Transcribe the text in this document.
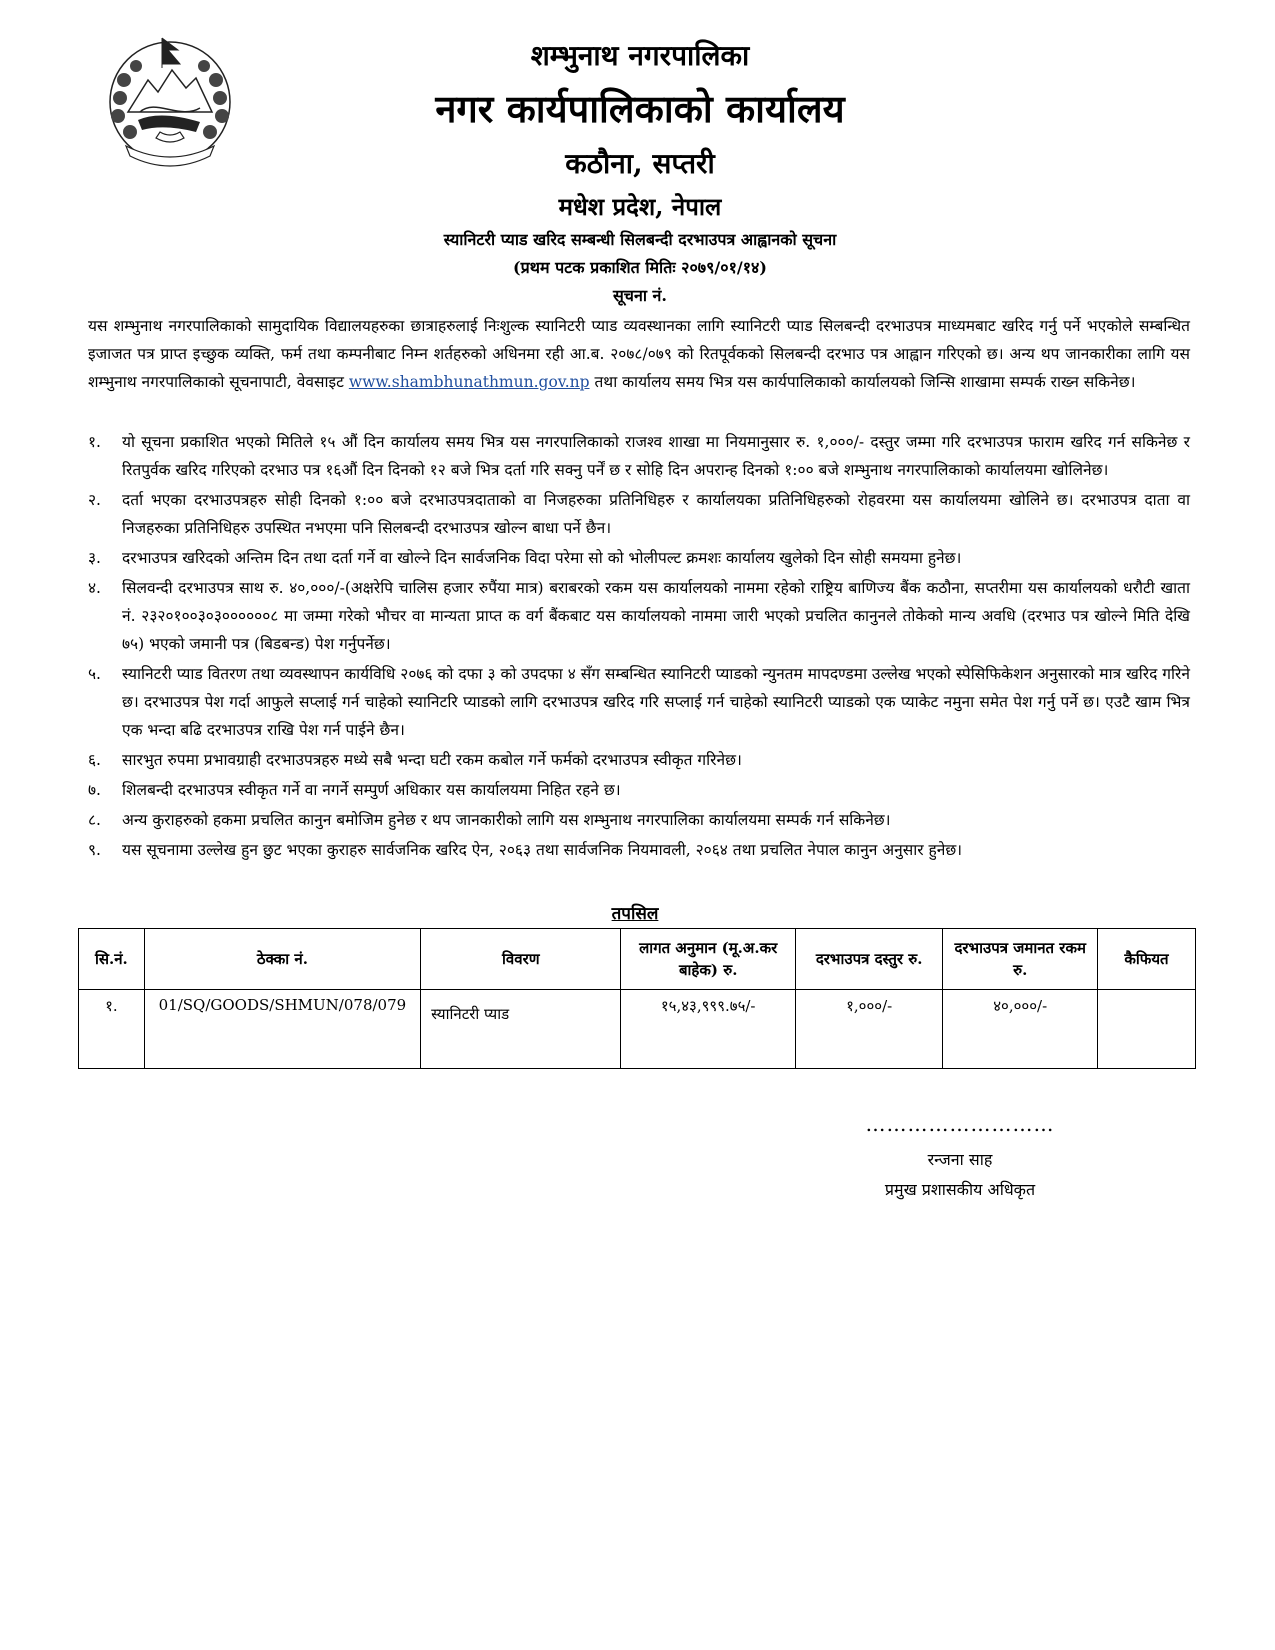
शम्भुनाथ नगरपालिका
नगर कार्यपालिकाको कार्यालय
कठौना, सप्तरी
मधेश प्रदेश, नेपाल
स्यानिटरी प्याड खरिद सम्बन्धी सिलबन्दी दरभाउपत्र आह्वानको सूचना
(प्रथम पटक प्रकाशित मितिः २०७९/०१/१४)
सूचना नं.
यस शम्भुनाथ नगरपालिकाको सामुदायिक विद्यालयहरुका छात्राहरुलाई निःशुल्क स्यानिटरी प्याड व्यवस्थानका लागि स्यानिटरी प्याड सिलबन्दी दरभाउपत्र माध्यमबाट खरिद गर्नु पर्ने भएकोले सम्बन्धित इजाजत पत्र प्राप्त इच्छुक व्यक्ति, फर्म तथा कम्पनीबाट निम्न शर्तहरुको अधिनमा रही आ.ब. २०७८/०७९ को रितपूर्वकको सिलबन्दी दरभाउ पत्र आह्वान गरिएको छ। अन्य थप जानकारीका लागि यस शम्भुनाथ नगरपालिकाको सूचनापाटी, वेवसाइट www.shambhunathmun.gov.np तथा कार्यालय समय भित्र यस कार्यपालिकाको कार्यालयको जिन्सि शाखामा सम्पर्क राख्न सकिनेछ।
१. यो सूचना प्रकाशित भएको मितिले १५ औं दिन कार्यालय समय भित्र यस नगरपालिकाको राजश्व शाखा मा नियमानुसार रु. १,०००/- दस्तुर जम्मा गरि दरभाउपत्र फाराम खरिद गर्न सकिनेछ र रितपुर्वक खरिद गरिएको दरभाउ पत्र १६औं दिन दिनको १२ बजे भित्र दर्ता गरि सक्नु पर्नें छ र सोहि दिन अपरान्ह दिनको १:०० बजे शम्भुनाथ नगरपालिकाको कार्यालयमा खोलिनेछ।
२. दर्ता भएका दरभाउपत्रहरु सोही दिनको १:०० बजे दरभाउपत्रदाताको वा निजहरुका प्रतिनिधिहरु र कार्यालयका प्रतिनिधिहरुको रोहवरमा यस कार्यालयमा खोलिने छ। दरभाउपत्र दाता वा निजहरुका प्रतिनिधिहरु उपस्थित नभएमा पनि सिलबन्दी दरभाउपत्र खोल्न बाधा पर्ने छैन।
३. दरभाउपत्र खरिदको अन्तिम दिन तथा दर्ता गर्ने वा खोल्ने दिन सार्वजनिक विदा परेमा सो को भोलीपल्ट क्रमशः कार्यालय खुलेको दिन सोही समयमा हुनेछ।
४. सिलवन्दी दरभाउपत्र साथ रु. ४०,०००/-(अक्षरेपि चालिस हजार रुपैंया मात्र) बराबरको रकम यस कार्यालयको नाममा रहेको राष्ट्रिय बाणिज्य बैंक कठौना, सप्तरीमा यस कार्यालयको धरौटी खाता नं. २३२०१००३०३००००००८ मा जम्मा गरेको भौचर वा मान्यता प्राप्त क वर्ग बैंकबाट यस कार्यालयको नाममा जारी भएको प्रचलित कानुनले तोकेको मान्य अवधि (दरभाउ पत्र खोल्ने मिति देखि ७५) भएको जमानी पत्र (बिडबन्ड) पेश गर्नुपर्नेछ।
५. स्यानिटरी प्याड वितरण तथा व्यवस्थापन कार्यविधि २०७६ को दफा ३ को उपदफा ४ सँग सम्बन्धित स्यानिटरी प्याडको न्युनतम मापदण्डमा उल्लेख भएको स्पेसिफिकेशन अनुसारको मात्र खरिद गरिने छ। दरभाउपत्र पेश गर्दा आफुले सप्लाई गर्न चाहेको स्यानिटरि प्याडको लागि दरभाउपत्र खरिद गरि सप्लाई गर्न चाहेको स्यानिटरी प्याडको एक प्याकेट नमुना समेत पेश गर्नु पर्ने छ। एउटै खाम भित्र एक भन्दा बढि दरभाउपत्र राखि पेश गर्न पाईने छैन।
६. सारभुत रुपमा प्रभावग्राही दरभाउपत्रहरु मध्ये सबै भन्दा घटी रकम कबोल गर्ने फर्मको दरभाउपत्र स्वीकृत गरिनेछ।
७. शिलबन्दी दरभाउपत्र स्वीकृत गर्ने वा नगर्ने सम्पुर्ण अधिकार यस कार्यालयमा निहित रहने छ।
८. अन्य कुराहरुको हकमा प्रचलित कानुन बमोजिम हुनेछ र थप जानकारीको लागि यस शम्भुनाथ नगरपालिका कार्यालयमा सम्पर्क गर्न सकिनेछ।
९. यस सूचनामा उल्लेख हुन छुट भएका कुराहरु सार्वजनिक खरिद ऐन, २०६३ तथा सार्वजनिक नियमावली, २०६४ तथा प्रचलित नेपाल कानुन अनुसार हुनेछ।
तपसिल
सि.नं.	ठेक्का नं.	विवरण	लागत अनुमान (मू.अ.कर बाहेक) रु.	दरभाउपत्र दस्तुर रु.	दरभाउपत्र जमानत रकम रु.	कैफियत
१.	01/SQ/GOODS/SHMUN/078/079	स्यानिटरी प्याड	१५,४३,९९९.७५/-	१,०००/-	४०,०००/-	
………………………
रन्जना साह
प्रमुख प्रशासकीय अधिकृत
